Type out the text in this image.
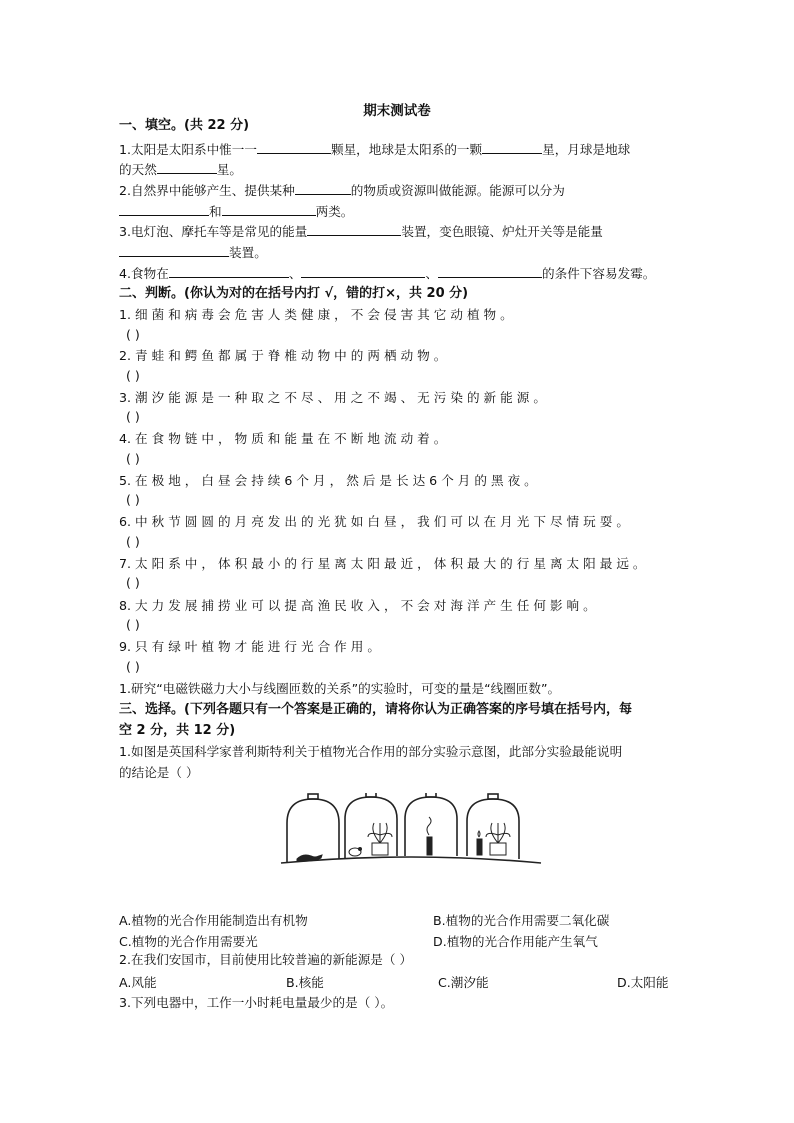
期末测试卷
一、填空。(共 22 分)
1.太阳是太阳系中惟一一	颗星，地球是太阳系的一颗	星，月球是地球
的天然	星。
2.自然界中能够产生、提供某种	的物质或资源叫做能源。能源可以分为
和	两类。
3.电灯泡、摩托车等是常见的能量	装置，变色眼镜、炉灶开关等是能量
装置。
4.食物在	、	、	的条件下容易发霉。
二、判断。(你认为对的在括号内打 √，错的打×，共 20 分)
1. 细 菌 和 病 毒 会 危 害 人 类 健 康 ， 不 会 侵 害 其 它 动 植 物 。
( )
2. 青 蛙 和 鳄 鱼 都 属 于 脊 椎 动 物 中 的 两 栖 动 物 。
( )
3. 潮 汐 能 源 是 一 种 取 之 不 尽 、 用 之 不 竭 、 无 污 染 的 新 能 源 。
( )
4. 在 食 物 链 中 ， 物 质 和 能 量 在 不 断 地 流 动 着 。
( )
5. 在 极 地 ， 白 昼 会 持 续 6 个 月 ， 然 后 是 长 达 6 个 月 的 黑 夜 。
( )
6. 中 秋 节 圆 圆 的 月 亮 发 出 的 光 犹 如 白 昼 ， 我 们 可 以 在 月 光 下 尽 情 玩 耍 。
( )
7. 太 阳 系 中 ， 体 积 最 小 的 行 星 离 太 阳 最 近 ， 体 积 最 大 的 行 星 离 太 阳 最 远 。
( )
8. 大 力 发 展 捕 捞 业 可 以 提 高 渔 民 收 入 ， 不 会 对 海 洋 产 生 任 何 影 响 。
( )
9. 只 有 绿 叶 植 物 才 能 进 行 光 合 作 用 。
( )
1.研究“电磁铁磁力大小与线圈匝数的关系”的实验时，可变的量是“线圈匝数”。
三、选择。(下列各题只有一个答案是正确的，请将你认为正确答案的序号填在括号内，每
空 2 分，共 12 分)
1.如图是英国科学家普利斯特利关于植物光合作用的部分实验示意图，此部分实验最能说明
的结论是（ ）
A.植物的光合作用能制造出有机物	B.植物的光合作用需要二氧化碳
C.植物的光合作用需要光	D.植物的光合作用能产生氧气
2.在我们安国市，目前使用比较普遍的新能源是（ ）
A.风能	B.核能	C.潮汐能	D.太阳能
3.下列电器中，工作一小时耗电量最少的是（ ）。
